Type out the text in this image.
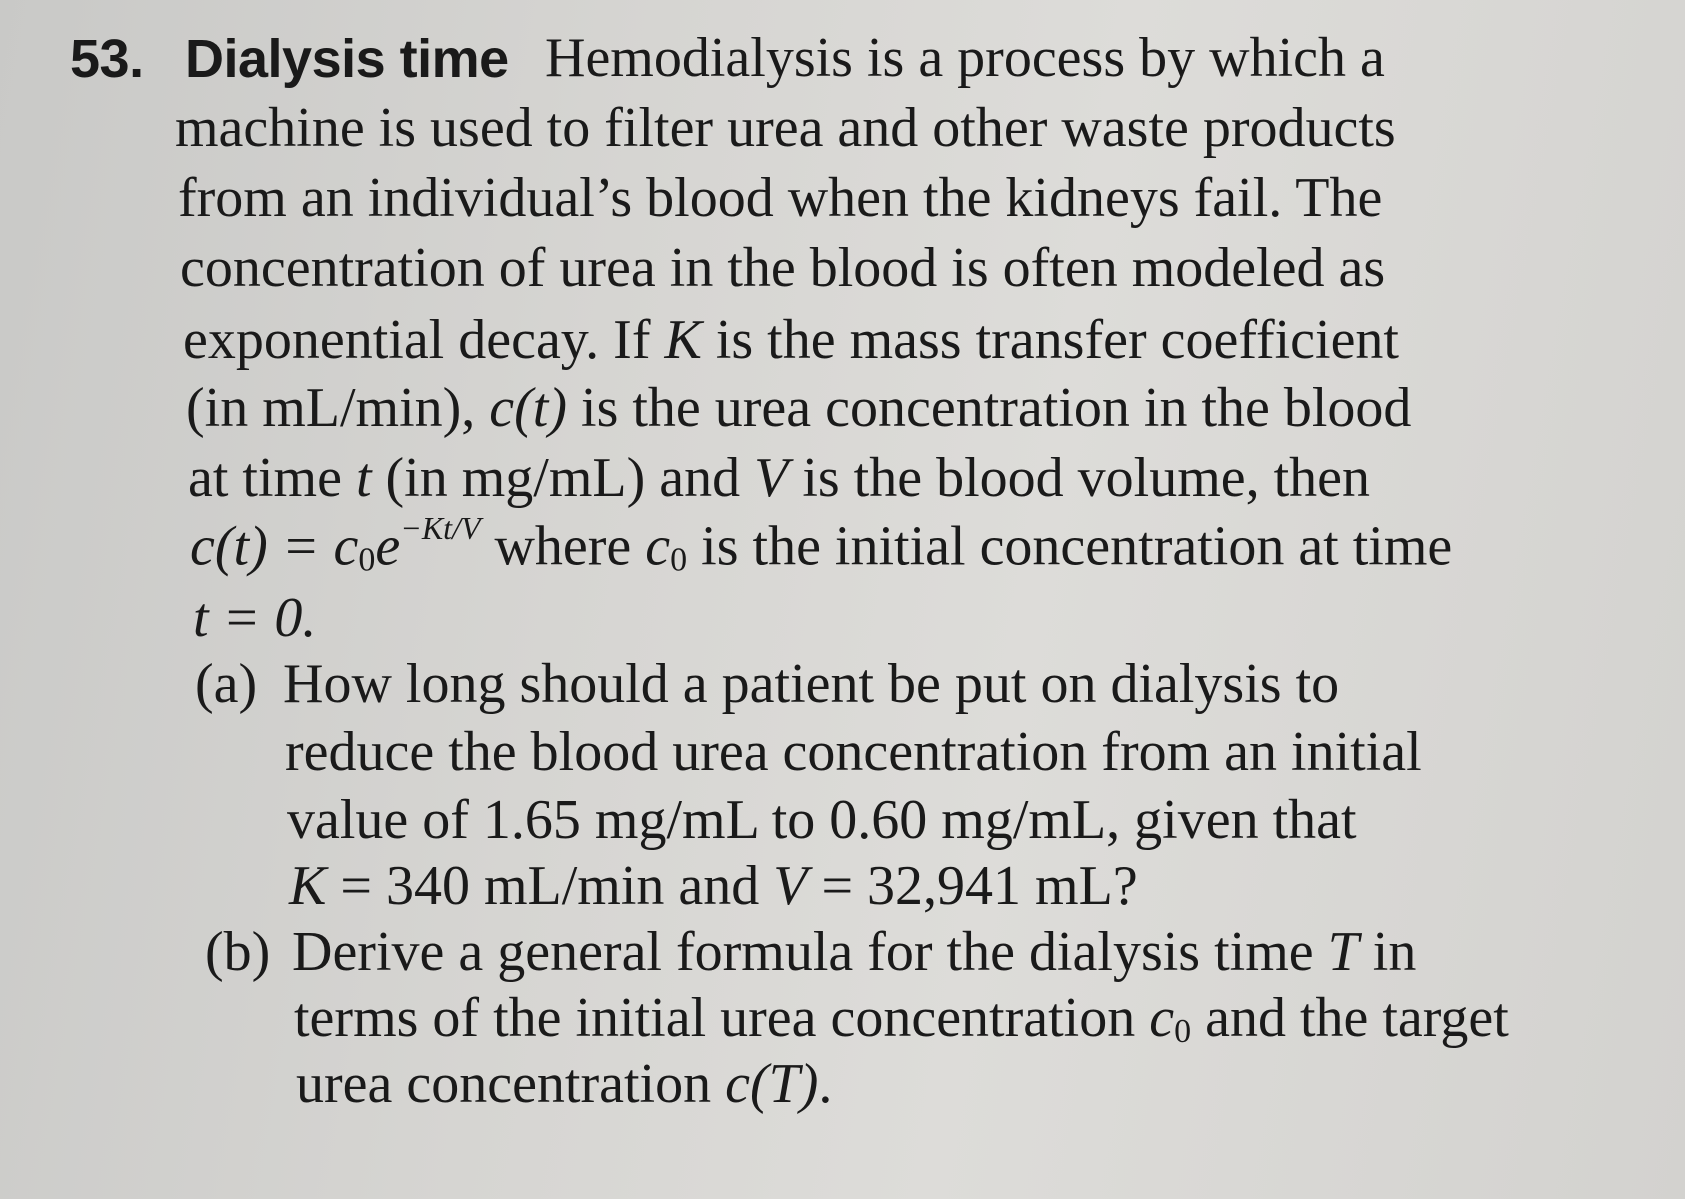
53. Dialysis time Hemodialysis is a process by which a
machine is used to filter urea and other waste products
from an individual’s blood when the kidneys fail. The
concentration of urea in the blood is often modeled as
exponential decay. If K is the mass transfer coefficient
(in mL/min), c(t) is the urea concentration in the blood
at time t (in mg/mL) and V is the blood volume, then
$c(t) = c_0e^{-Kt/V}$ where $c_0$ is the initial concentration at time
t = 0.
(a) How long should a patient be put on dialysis to
reduce the blood urea concentration from an initial
value of 1.65 mg/mL to 0.60 mg/mL, given that
K = 340 mL/min and V = 32,941 mL?
(b) Derive a general formula for the dialysis time T in
terms of the initial urea concentration $c_0$ and the target
urea concentration c(T).
